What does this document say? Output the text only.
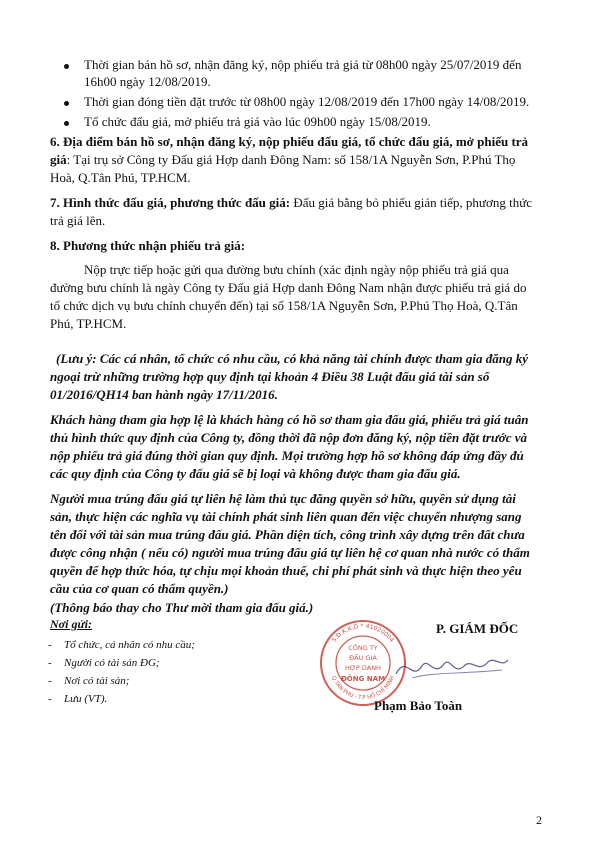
Thời gian bán hồ sơ, nhận đăng ký, nộp phiếu trả giá từ 08h00 ngày 25/07/2019 đến
16h00 ngày 12/08/2019.
Thời gian đóng tiền đặt trước từ 08h00 ngày 12/08/2019 đến 17h00 ngày 14/08/2019.
Tổ chức đấu giá, mở phiếu trả giá vào lúc 09h00 ngày 15/08/2019.
6. Địa điểm bán hồ sơ, nhận đăng ký, nộp phiếu đấu giá, tổ chức đấu giá, mở phiếu trả
giá: Tại trụ sở Công ty Đấu giá Hợp danh Đông Nam: số 158/1A Nguyễn Sơn, P.Phú Thọ
Hoà, Q.Tân Phú, TP.HCM.
7. Hình thức đấu giá, phương thức đấu giá: Đấu giá bằng bỏ phiếu gián tiếp, phương thức
trả giá lên.
8. Phương thức nhận phiếu trả giá:
Nộp trực tiếp hoặc gửi qua đường bưu chính (xác định ngày nộp phiếu trả giá qua
đường bưu chính là ngày Công ty Đấu giá Hợp danh Đông Nam nhận được phiếu trả giá do
tổ chức dịch vụ bưu chính chuyển đến) tại số 158/1A Nguyễn Sơn, P.Phú Thọ Hoà, Q.Tân
Phú, TP.HCM.
(Lưu ý: Các cá nhân, tổ chức có nhu cầu, có khả năng tài chính được tham gia đăng ký
ngoại trừ những trường hợp quy định tại khoản 4 Điều 38 Luật đấu giá tài sản số
01/2016/QH14 ban hành ngày 17/11/2016.
Khách hàng tham gia hợp lệ là khách hàng có hồ sơ tham gia đấu giá, phiếu trả giá tuân
thủ hình thức quy định của Công ty, đồng thời đã nộp đơn đăng ký, nộp tiền đặt trước và
nộp phiếu trả giá đúng thời gian quy định. Mọi trường hợp hồ sơ không đáp ứng đầy đủ
các quy định của Công ty đấu giá sẽ bị loại và không được tham gia đấu giá.
Người mua trúng đấu giá tự liên hệ làm thủ tục đăng quyền sở hữu, quyền sử dụng tài
sản, thực hiện các nghĩa vụ tài chính phát sinh liên quan đến việc chuyển nhượng sang
tên đổi với tài sản mua trúng đấu giá. Phần diện tích, công trình xây dựng trên đất chưa
được công nhận ( nếu có) người mua trúng đấu giá tự liên hệ cơ quan nhà nước có thẩm
quyền để hợp thức hóa, tự chịu mọi khoản thuế, chi phí phát sinh và thực hiện theo yêu
cầu của cơ quan có thẩm quyền.)
(Thông báo thay cho Thư mời tham gia đấu giá.)
Nơi gửi:
- Tổ chức, cá nhân có nhu cầu;
- Người có tài sản ĐG;
- Nơi có tài sản;
- Lưu (VT).
P. GIÁM ĐỐC
S.Đ.K.K.D * 41020004
Q.TÂN PHÚ - T.P HỒ CHÍ MINH
CÔNG TY
ĐẤU GIÁ
HỢP DANH
ĐÔNG NAM
Phạm Bảo Toàn
2
